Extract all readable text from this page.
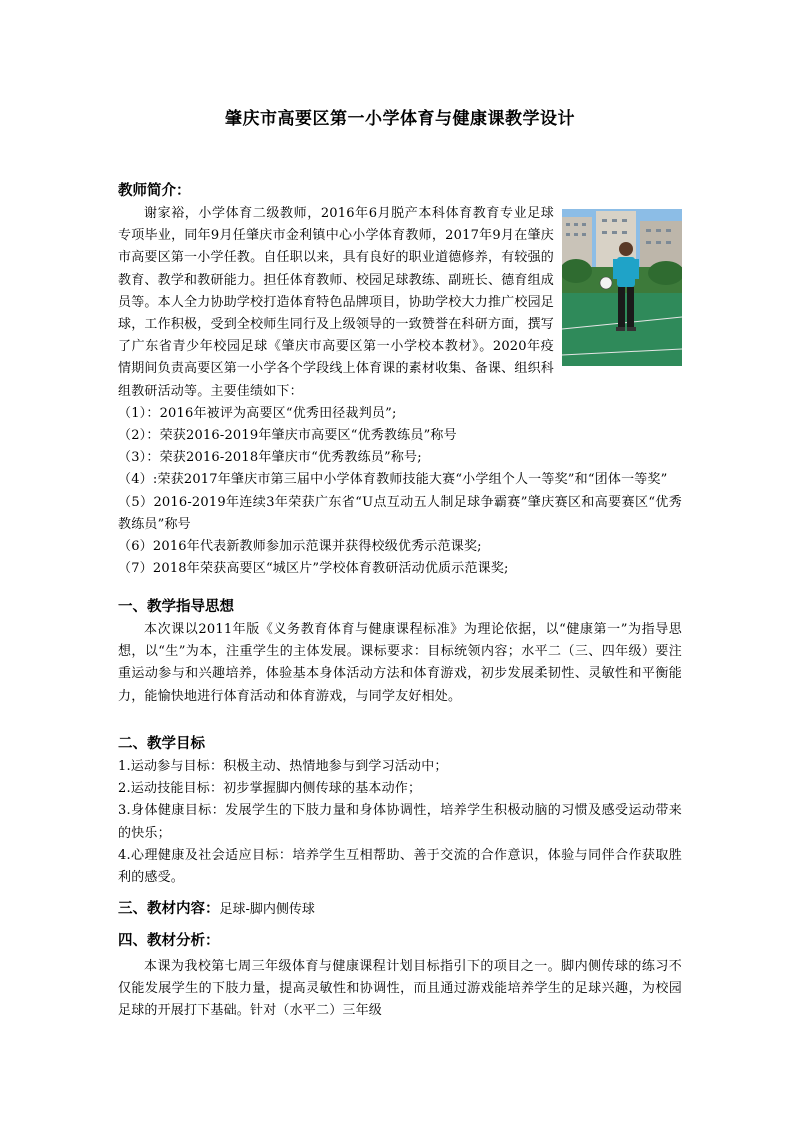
肇庆市高要区第一小学体育与健康课教学设计

教师简介：

谢家裕，小学体育二级教师，2016年6月脱产本科体育教育专业足球专项毕业，同年9月任肇庆市金利镇中心小学体育教师，2017年9月在肇庆市高要区第一小学任教。自任职以来，具有良好的职业道德修养，有较强的教育、教学和教研能力。担任体育教师、校园足球教练、副班长、德育组成员等。本人全力协助学校打造体育特色品牌项目，协助学校大力推广校园足球，工作积极，受到全校师生同行及上级领导的一致赞誉在科研方面，撰写了广东省青少年校园足球《肇庆市高要区第一小学校本教材》。2020年疫情期间负责高要区第一小学各个学段线上体育课的素材收集、备课、组织科组教研活动等。主要佳绩如下：

（1）：2016年被评为高要区“优秀田径裁判员”;

（2）：荣获2016-2019年肇庆市高要区“优秀教练员”称号

（3）：荣获2016-2018年肇庆市“优秀教练员”称号;

（4）:荣获2017年肇庆市第三届中小学体育教师技能大赛“小学组个人一等奖”和“团体一等奖”

（5）2016-2019年连续3年荣获广东省“U点互动五人制足球争霸赛”肇庆赛区和高要赛区“优秀教练员”称号

（6）2016年代表新教师参加示范课并获得校级优秀示范课奖;

（7）2018年荣获高要区“城区片”学校体育教研活动优质示范课奖;

一、教学指导思想

本次课以2011年版《义务教育体育与健康课程标准》为理论依据，以“健康第一”为指导思想，以“生”为本，注重学生的主体发展。课标要求：目标统领内容；水平二（三、四年级）要注重运动参与和兴趣培养，体验基本身体活动方法和体育游戏，初步发展柔韧性、灵敏性和平衡能力，能愉快地进行体育活动和体育游戏，与同学友好相处。

二、教学目标

1.运动参与目标：积极主动、热情地参与到学习活动中；

2.运动技能目标：初步掌握脚内侧传球的基本动作；

3.身体健康目标：发展学生的下肢力量和身体协调性，培养学生积极动脑的习惯及感受运动带来的快乐；

4.心理健康及社会适应目标：培养学生互相帮助、善于交流的合作意识，体验与同伴合作获取胜利的感受。

三、教材内容：足球-脚内侧传球

四、教材分析：

本课为我校第七周三年级体育与健康课程计划目标指引下的项目之一。脚内侧传球的练习不仅能发展学生的下肢力量，提高灵敏性和协调性，而且通过游戏能培养学生的足球兴趣，为校园足球的开展打下基础。针对（水平二）三年级
